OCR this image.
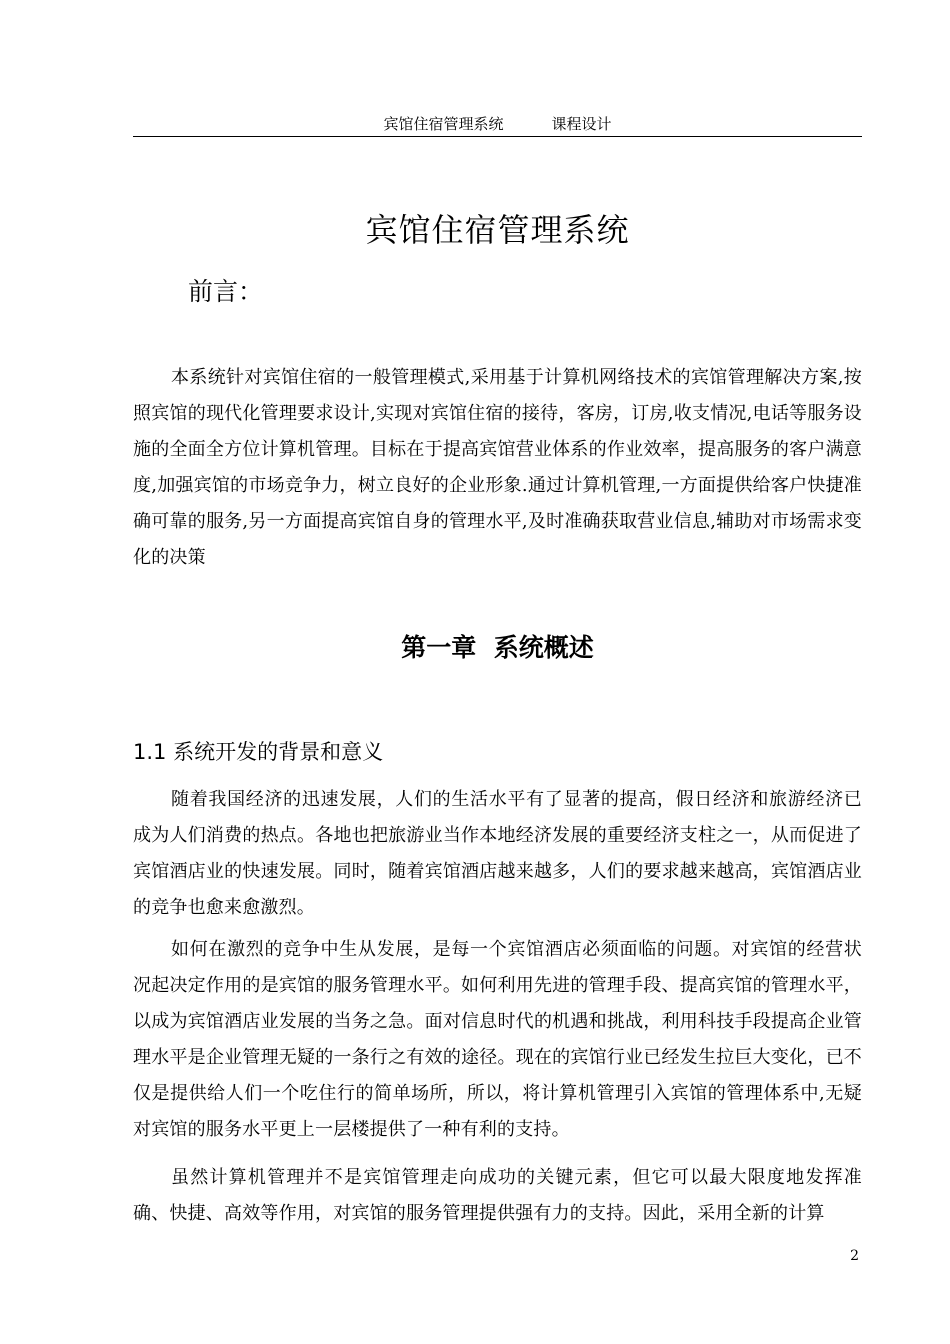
宾馆住宿管理系统	课程设计
宾馆住宿管理系统
前言：

本系统针对宾馆住宿的一般管理模式,采用基于计算机网络技术的宾馆管理解决方案,按照宾馆的现代化管理要求设计,实现对宾馆住宿的接待，客房，订房,收支情况,电话等服务设施的全面全方位计算机管理。目标在于提高宾馆营业体系的作业效率，提高服务的客户满意度,加强宾馆的市场竞争力，树立良好的企业形象.通过计算机管理,一方面提供给客户快捷准确可靠的服务,另一方面提高宾馆自身的管理水平,及时准确获取营业信息,辅助对市场需求变化的决策

第一章  系统概述
1.1 系统开发的背景和意义

随着我国经济的迅速发展，人们的生活水平有了显著的提高，假日经济和旅游经济已成为人们消费的热点。各地也把旅游业当作本地经济发展的重要经济支柱之一，从而促进了宾馆酒店业的快速发展。同时，随着宾馆酒店越来越多，人们的要求越来越高，宾馆酒店业的竞争也愈来愈激烈。

如何在激烈的竞争中生从发展，是每一个宾馆酒店必须面临的问题。对宾馆的经营状况起决定作用的是宾馆的服务管理水平。如何利用先进的管理手段、提高宾馆的管理水平，以成为宾馆酒店业发展的当务之急。面对信息时代的机遇和挑战，利用科技手段提高企业管理水平是企业管理无疑的一条行之有效的途径。现在的宾馆行业已经发生拉巨大变化，已不仅是提供给人们一个吃住行的简单场所，所以，将计算机管理引入宾馆的管理体系中,无疑对宾馆的服务水平更上一层楼提供了一种有利的支持。

虽然计算机管理并不是宾馆管理走向成功的关键元素，但它可以最大限度地发挥准确、快捷、高效等作用，对宾馆的服务管理提供强有力的支持。因此，采用全新的计算

2
